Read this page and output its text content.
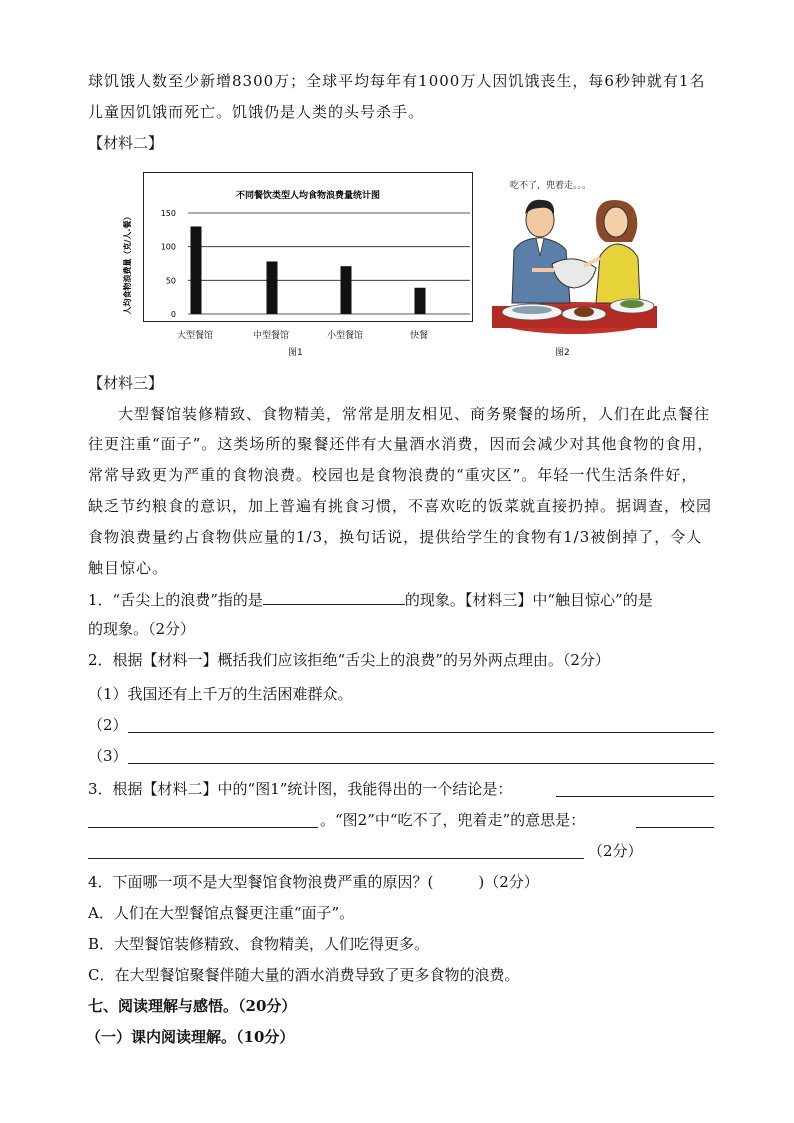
球饥饿人数至少新增8300万；全球平均每年有1000万人因饥饿丧生，每6秒钟就有1名
儿童因饥饿而死亡。饥饿仍是人类的头号杀手。
【材料二】
不同餐饮类型人均食物浪费量统计图
0
50
100
150
人均食物浪费量（克/人.餐）
图1
吃不了，兜着走。。。
图2
【材料三】
大型餐馆装修精致、食物精美，常常是朋友相见、商务聚餐的场所，人们在此点餐往
往更注重“面子”。这类场所的聚餐还伴有大量酒水消费，因而会减少对其他食物的食用，
常常导致更为严重的食物浪费。校园也是食物浪费的“重灾区”。年轻一代生活条件好，
缺乏节约粮食的意识，加上普遍有挑食习惯，不喜欢吃的饭菜就直接扔掉。据调查，校园
食物浪费量约占食物供应量的1/3，换句话说，提供给学生的食物有1/3被倒掉了，令人
触目惊心。
1．“舌尖上的浪费”指的是	的现象。【材料三】中“触目惊心”的是
的现象。（2分）
2．根据【材料一】概括我们应该拒绝“舌尖上的浪费”的另外两点理由。（2分）
（1）我国还有上千万的生活困难群众。
（2）
（3）
3．根据【材料二】中的“图1”统计图，我能得出的一个结论是：
。“图2”中“吃不了，兜着走”的意思是：
（2分）
4．下面哪一项不是大型餐馆食物浪费严重的原因？(　　　)（2分）
A．人们在大型餐馆点餐更注重“面子”。
B．大型餐馆装修精致、食物精美，人们吃得更多。
C．在大型餐馆聚餐伴随大量的酒水消费导致了更多食物的浪费。
七、阅读理解与感悟。（20分）
（一）课内阅读理解。（10分）
大型餐馆	中型餐馆	小型餐馆	快餐
